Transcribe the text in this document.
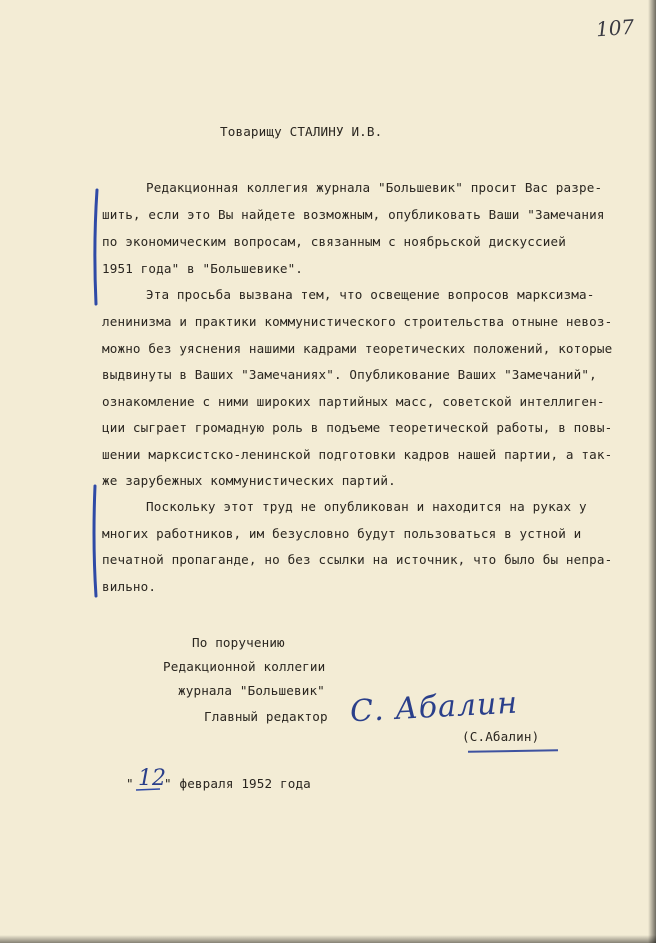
107
Товарищу СТАЛИНУ И.В.
Редакционная коллегия журнала "Большевик" просит Вас разре-
шить, если это Вы найдете возможным, опубликовать Ваши "Замечания
по экономическим вопросам, связанным с ноябрьской дискуссией
1951 года" в "Большевике".
Эта просьба вызвана тем, что освещение вопросов марксизма-
ленинизма и практики коммунистического строительства отныне невоз-
можно без уяснения нашими кадрами теоретических положений, которые
выдвинуты в Ваших "Замечаниях". Опубликование Ваших "Замечаний",
ознакомление с ними широких партийных масс, советской интеллиген-
ции сыграет громадную роль в подъеме теоретической работы, в повы-
шении марксистско-ленинской подготовки кадров нашей партии, а так-
же зарубежных коммунистических партий.
Поскольку этот труд не опубликован и находится на руках у
многих работников, им безусловно будут пользоваться в устной и
печатной пропаганде, но без ссылки на источник, что было бы непра-
вильно.
По поручению
Редакционной коллегии
журнала "Большевик"
Главный редактор С. Абалин
(С.Абалин)
" 12
" февраля 1952 года
